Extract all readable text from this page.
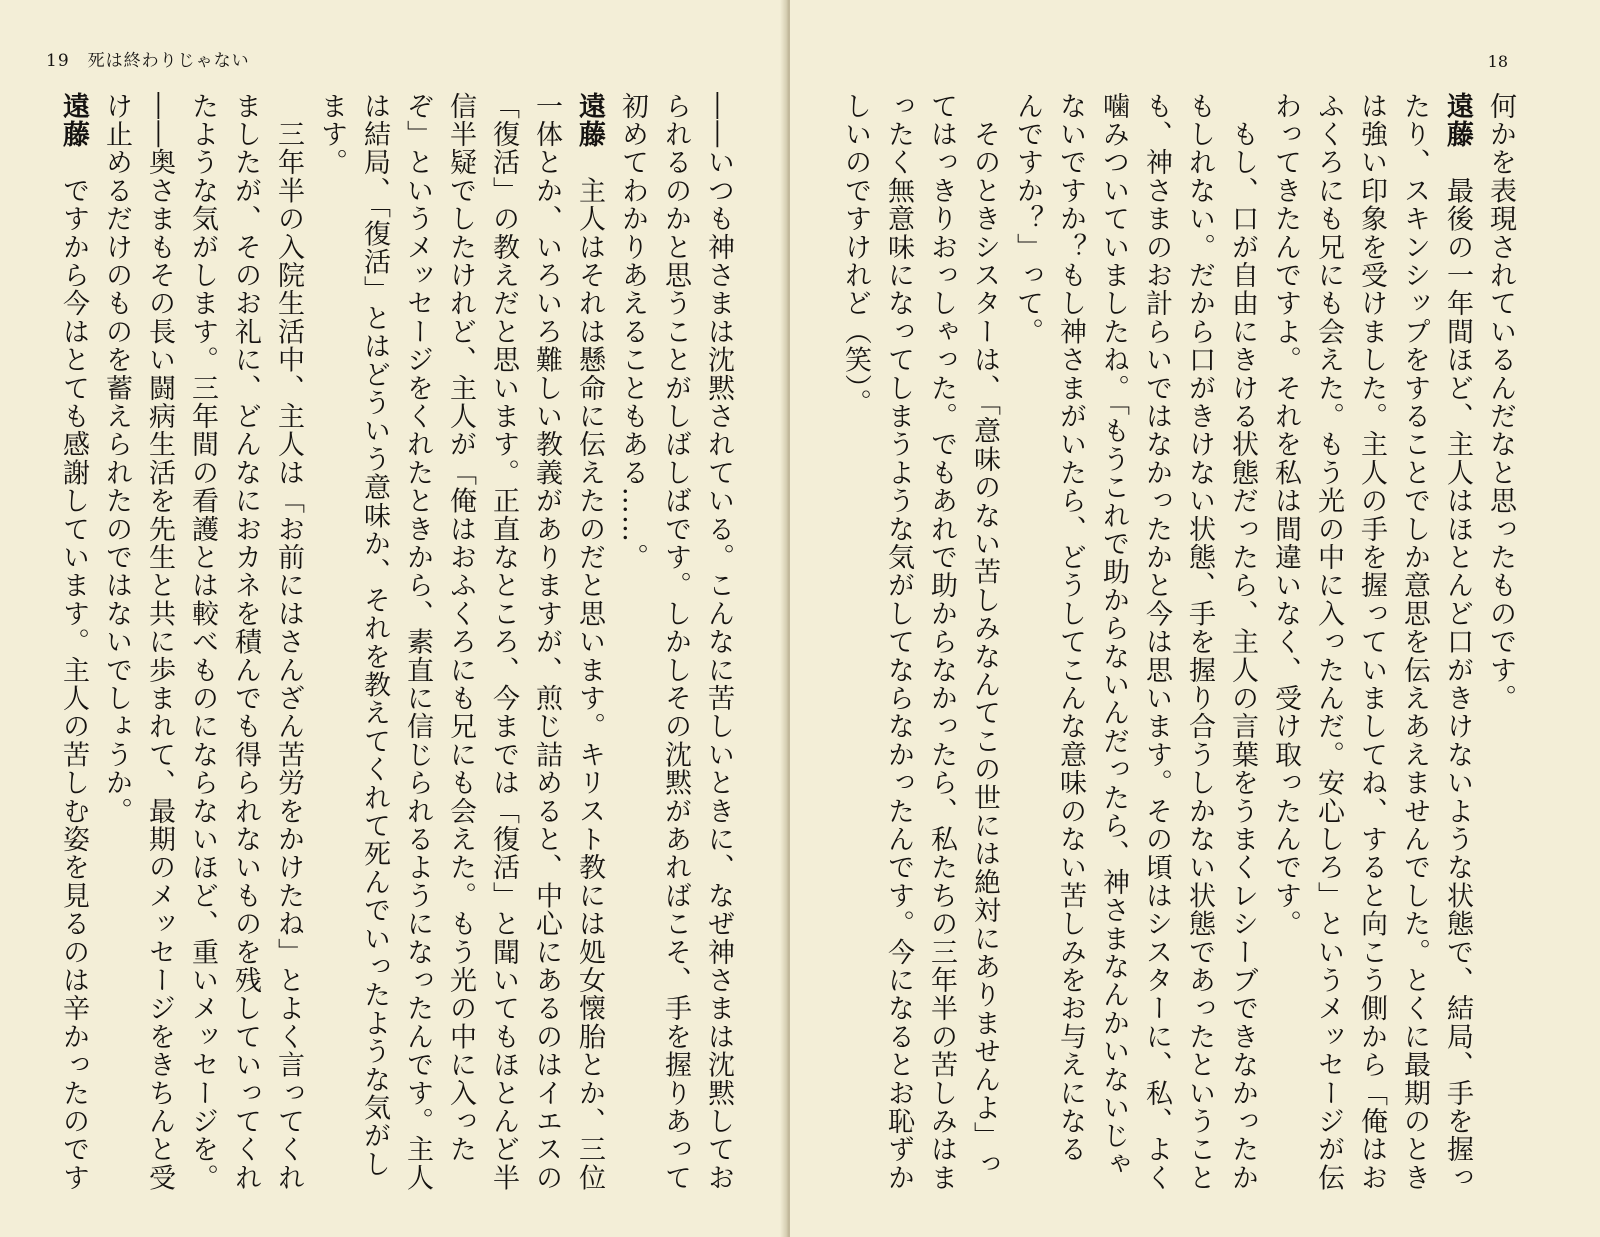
19 死は終わりじゃない
――いつも神さまは沈黙されている。こんなに苦しいときに、なぜ神さまは沈黙してお
られるのかと思うことがしばしばです。しかしその沈黙があればこそ、手を握りあって
初めてわかりあえることもある……。
遠藤　主人はそれは懸命に伝えたのだと思います。キリスト教には処女懐胎とか、三位
一体とか、いろいろ難しい教義がありますが、煎じ詰めると、中心にあるのはイエスの
「復活」の教えだと思います。正直なところ、今までは「復活」と聞いてもほとんど半
信半疑でしたけれど、主人が「俺はおふくろにも兄にも会えた。もう光の中に入った
ぞ」というメッセージをくれたときから、素直に信じられるようになったんです。主人
は結局、「復活」とはどういう意味か、それを教えてくれて死んでいったような気がし
ます。
　三年半の入院生活中、主人は「お前にはさんざん苦労をかけたね」とよく言ってくれ
ましたが、そのお礼に、どんなにおカネを積んでも得られないものを残していってくれ
たような気がします。三年間の看護とは較べものにならないほど、重いメッセージを。
――奥さまもその長い闘病生活を先生と共に歩まれて、最期のメッセージをきちんと受
け止めるだけのものを蓄えられたのではないでしょうか。
遠藤　ですから今はとても感謝しています。主人の苦しむ姿を見るのは辛かったのです
18
何かを表現されているんだなと思ったものです。
遠藤　最後の一年間ほど、主人はほとんど口がきけないような状態で、結局、手を握っ
たり、スキンシップをすることでしか意思を伝えあえませんでした。とくに最期のとき
は強い印象を受けました。主人の手を握っていましてね、すると向こう側から「俺はお
ふくろにも兄にも会えた。もう光の中に入ったんだ。安心しろ」というメッセージが伝
わってきたんですよ。それを私は間違いなく、受け取ったんです。
　もし、口が自由にきける状態だったら、主人の言葉をうまくレシーブできなかったか
もしれない。だから口がきけない状態、手を握り合うしかない状態であったということ
も、神さまのお計らいではなかったかと今は思います。その頃はシスターに、私、よく
噛みついていましたね。「もうこれで助からないんだったら、神さまなんかいないじゃ
ないですか？もし神さまがいたら、どうしてこんな意味のない苦しみをお与えになる
んですか？」って。
　そのときシスターは、「意味のない苦しみなんてこの世には絶対にありませんよ」っ
てはっきりおっしゃった。でもあれで助からなかったら、私たちの三年半の苦しみはま
ったく無意味になってしまうような気がしてならなかったんです。今になるとお恥ずか
しいのですけれど（笑）。
